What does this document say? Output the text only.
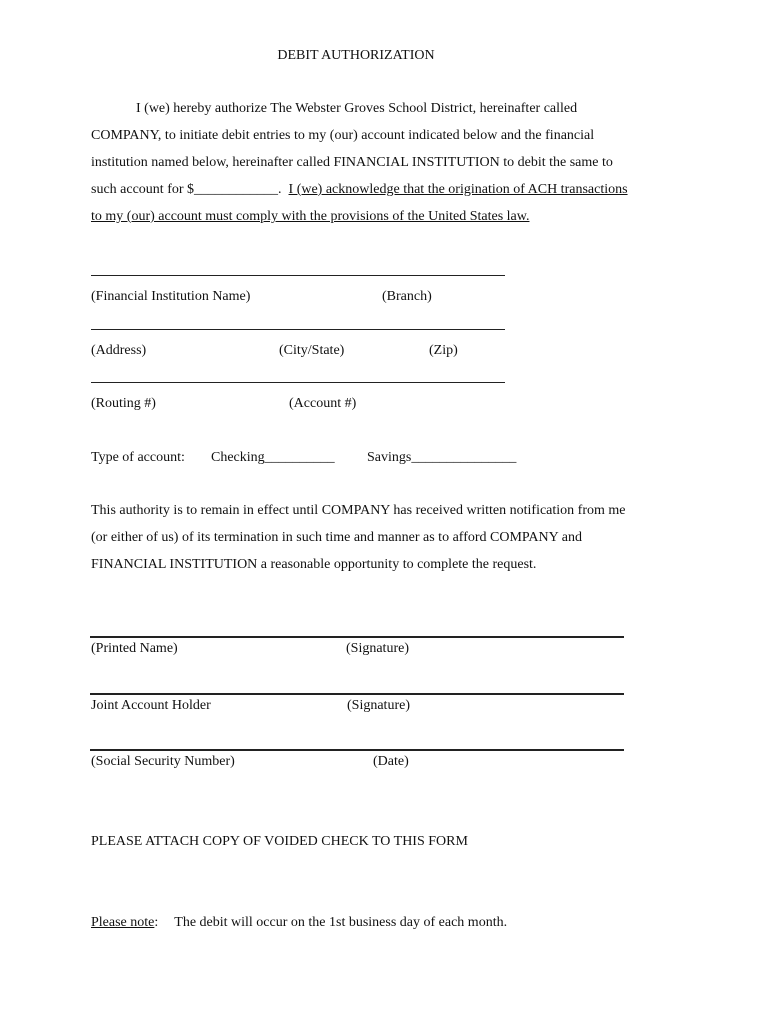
DEBIT AUTHORIZATION
I (we) hereby authorize The Webster Groves School District, hereinafter called
COMPANY, to initiate debit entries to my (our) account indicated below and the financial
institution named below, hereinafter called FINANCIAL INSTITUTION to debit the same to
such account for $____________.  I (we) acknowledge that the origination of ACH transactions
to my (our) account must comply with the provisions of the United States law.
(Financial Institution Name)	(Branch)
(Address)	(City/State)	(Zip)
(Routing #)	(Account #)
Type of account: Checking__________ Savings_______________
This authority is to remain in effect until COMPANY has received written notification from me
(or either of us) of its termination in such time and manner as to afford COMPANY and
FINANCIAL INSTITUTION a reasonable opportunity to complete the request.
(Printed Name)	(Signature)
Joint Account Holder	(Signature)
(Social Security Number)	(Date)
PLEASE ATTACH COPY OF VOIDED CHECK TO THIS FORM
Please note: The debit will occur on the 1st business day of each month.
